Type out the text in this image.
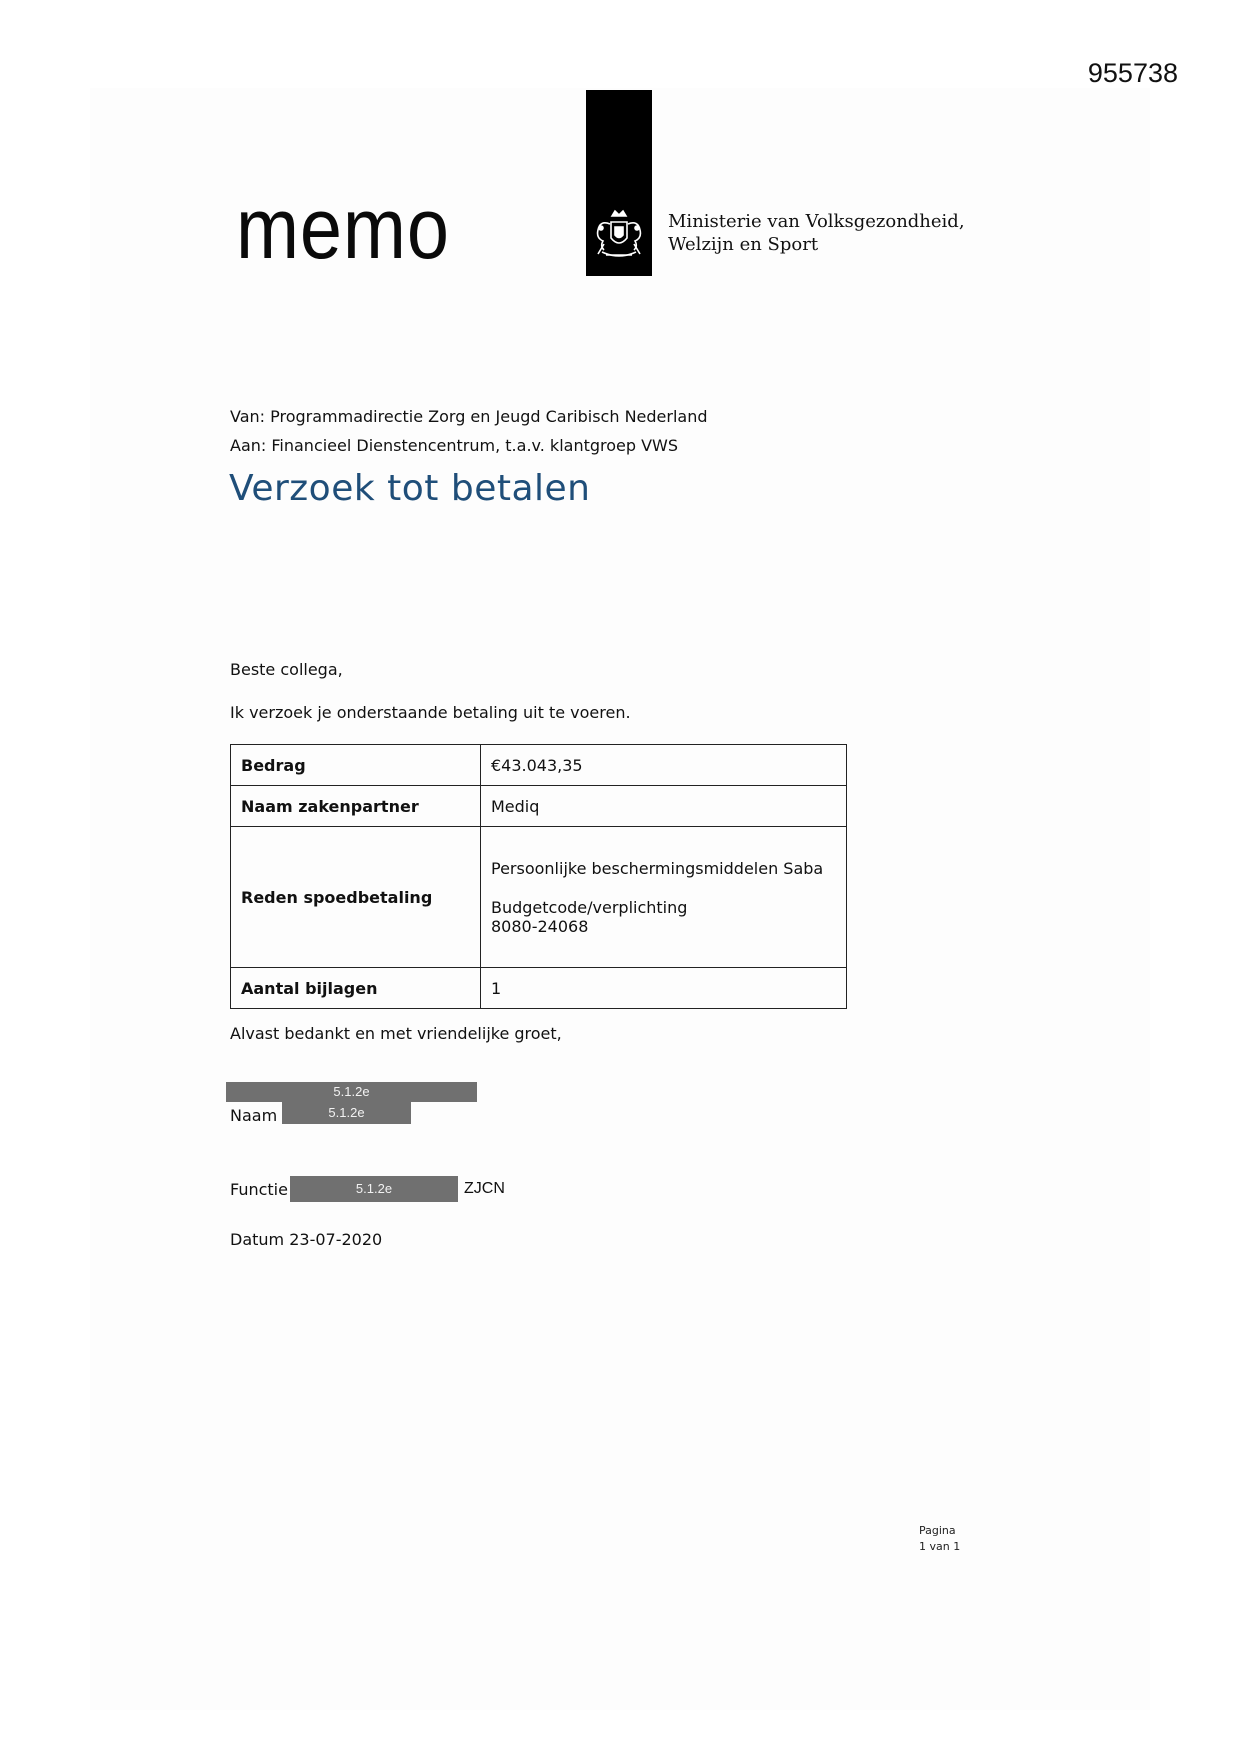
955738
memo	Ministerie van Volksgezondheid,
Welzijn en Sport
Van: Programmadirectie Zorg en Jeugd Caribisch Nederland
Aan: Financieel Dienstencentrum, t.a.v. klantgroep VWS
Verzoek tot betalen
Beste collega,
Ik verzoek je onderstaande betaling uit te voeren.
Bedrag	€43.043,35
Naam zakenpartner	Mediq
Reden spoedbetaling	Persoonlijke beschermingsmiddelen Saba
Budgetcode/verplichting
8080-24068

Aantal bijlagen	1
Alvast bedankt en met vriendelijke groet,
5.1.2e
Naam	5.1.2e
Functie	5.1.2e	ZJCN
Datum 23-07-2020
Pagina
1 van 1
